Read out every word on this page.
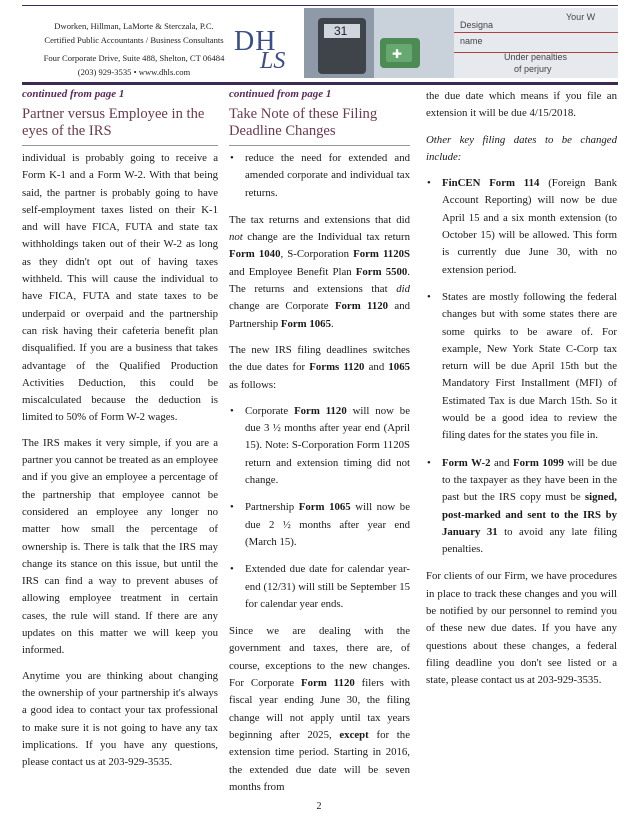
Dworken, Hillman, LaMorte & Sterczala, P.C.
Certified Public Accountants / Business Consultants
Four Corporate Drive, Suite 488, Shelton, CT 06484
(203) 929-3535 • www.dhls.com
DH
LS
31
✚
Designa
name
Under penalties
of perjury
Your W
continued from page 1
Partner versus Employee in the eyes of the IRS

individual is probably going to receive a Form K-1 and a Form W-2. With that being said, the partner is probably going to have self-employment taxes listed on their K-1 and will have FICA, FUTA and state tax withholdings taken out of their W-2 as long as they didn't opt out of having taxes withheld. This will cause the individual to have FICA, FUTA and state taxes to be underpaid or overpaid and the partnership can risk having their cafeteria benefit plan disqualified. If you are a business that takes advantage of the Qualified Production Activities Deduction, this could be miscalculated because the deduction is limited to 50% of Form W-2 wages.

The IRS makes it very simple, if you are a partner you cannot be treated as an employee and if you give an employee a percentage of the partnership that employee cannot be considered an employee any longer no matter how small the percentage of ownership is. There is talk that the IRS may change its stance on this issue, but until the IRS can find a way to prevent abuses of allowing employee treatment in certain cases, the rule will stand. If there are any updates on this matter we will keep you informed.

Anytime you are thinking about changing the ownership of your partnership it's always a good idea to contact your tax professional to make sure it is not going to have any tax implications. If you have any questions, please contact us at 203-929-3535.

continued from page 1
Take Note of these Filing Deadline Changes
• reduce the need for extended and amended corporate and individual tax returns.

The tax returns and extensions that did not change are the Individual tax return Form 1040, S-Corporation Form 1120S and Employee Benefit Plan Form 5500. The returns and extensions that did change are Corporate Form 1120 and Partnership Form 1065.

The new IRS filing deadlines switches the due dates for Forms 1120 and 1065 as follows:

• Corporate Form 1120 will now be due 3 ½ months after year end (April 15). Note: S-Corporation Form 1120S return and extension timing did not change.
• Partnership Form 1065 will now be due 2 ½ months after year end (March 15).
• Extended due date for calendar year-end (12/31) will still be September 15 for calendar year ends.

Since we are dealing with the government and taxes, there are, of course, exceptions to the new changes. For Corporate Form 1120 filers with fiscal year ending June 30, the filing change will not apply until tax years beginning after 2025, except for the extension time period. Starting in 2016, the extended due date will be seven months from

the due date which means if you file an extension it will be due 4/15/2018.

Other key filing dates to be changed include:

• FinCEN Form 114 (Foreign Bank Account Reporting) will now be due April 15 and a six month extension (to October 15) will be allowed. This form is currently due June 30, with no extension period.
• States are mostly following the federal changes but with some states there are some quirks to be aware of. For example, New York State C-Corp tax return will be due April 15th but the Mandatory First Installment (MFI) of Estimated Tax is due March 15th. So it would be a good idea to review the filing dates for the states you file in.
• Form W-2 and Form 1099 will be due to the taxpayer as they have been in the past but the IRS copy must be signed, post-marked and sent to the IRS by January 31 to avoid any late filing penalties.

For clients of our Firm, we have procedures in place to track these changes and you will be notified by our personnel to remind you of these new due dates. If you have any questions about these changes, a federal filing deadline you don't see listed or a state, please contact us at 203-929-3535.

2
